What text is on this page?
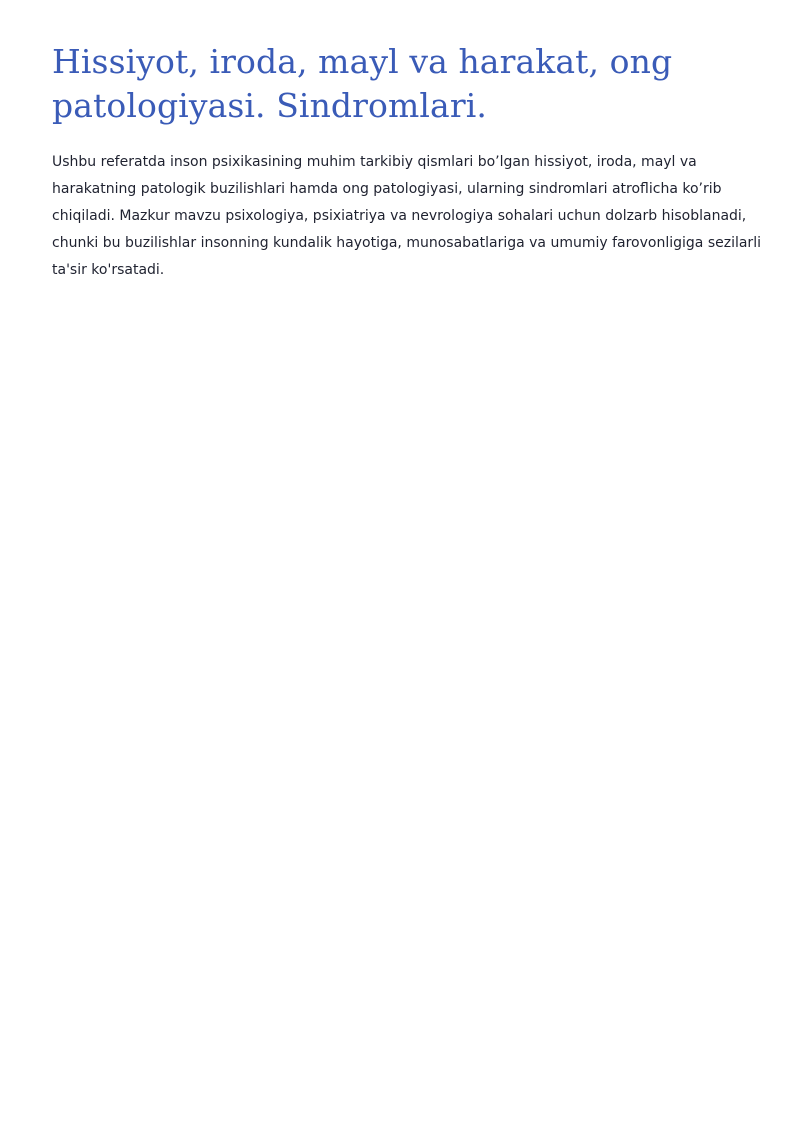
Hissiyot, iroda, mayl va harakat, ong patologiyasi. Sindromlari.

Ushbu referatda inson psixikasining muhim tarkibiy qismlari bo’lgan hissiyot, iroda, mayl va harakatning patologik buzilishlari hamda ong patologiyasi, ularning sindromlari atroflicha ko’rib chiqiladi. Mazkur mavzu psixologiya, psixiatriya va nevrologiya sohalari uchun dolzarb hisoblanadi, chunki bu buzilishlar insonning kundalik hayotiga, munosabatlariga va umumiy farovonligiga sezilarli ta'sir ko'rsatadi.
